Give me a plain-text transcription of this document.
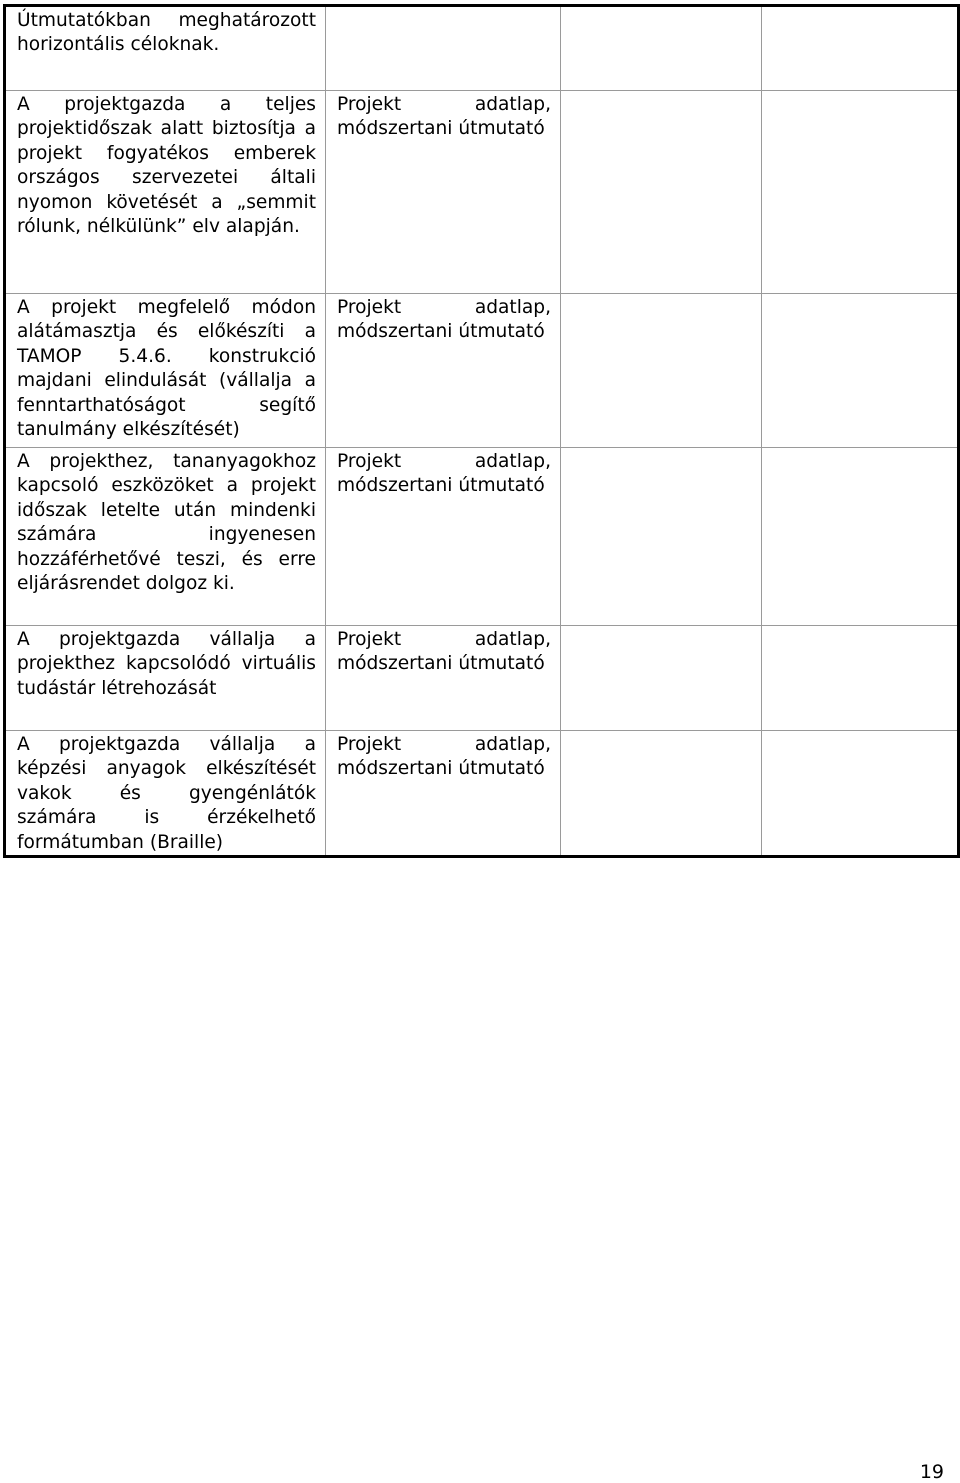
Útmutatókban meghatározott horizontális céloknak.			

A projektgazda a teljes projektidőszak alatt biztosítja a projekt fogyatékos emberek országos szervezetei általi nyomon követését a „semmit rólunk, nélkülünk” elv alapján.	Projekt adatlap, módszertani útmutató		

A projekt megfelelő módon alátámasztja és előkészíti a TAMOP 5.4.6. konstrukció majdani elindulását (vállalja a fenntarthatóságot segítő tanulmány elkészítését)	Projekt adatlap, módszertani útmutató		

A projekthez, tananyagokhoz kapcsoló eszközöket a projekt időszak letelte után mindenki számára ingyenesen hozzáférhetővé teszi, és erre eljárásrendet dolgoz ki.	Projekt adatlap, módszertani útmutató		

A projektgazda vállalja a projekthez kapcsolódó virtuális tudástár létrehozását	Projekt adatlap, módszertani útmutató		

A projektgazda vállalja a képzési anyagok elkészítését vakok és gyengénlátók számára is érzékelhető formátumban (Braille)	Projekt adatlap, módszertani útmutató		

19
